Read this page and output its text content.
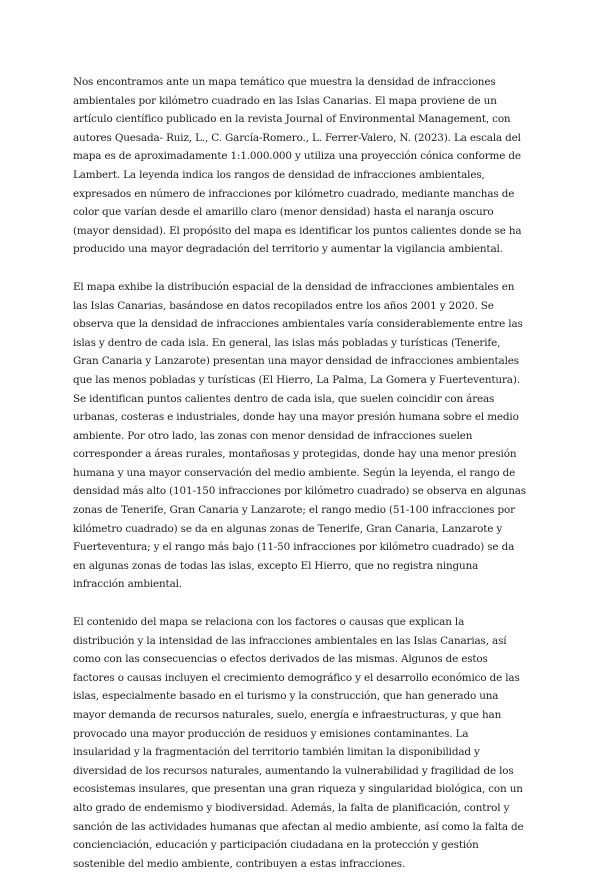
Nos encontramos ante un mapa temático que muestra la densidad de infracciones ambientales por kilómetro cuadrado en las Islas Canarias. El mapa proviene de un artículo científico publicado en la revista Journal of Environmental Management, con autores Quesada- Ruiz, L., C. García-Romero., L. Ferrer-Valero, N. (2023). La escala del mapa es de aproximadamente 1:1.000.000 y utiliza una proyección cónica conforme de Lambert. La leyenda indica los rangos de densidad de infracciones ambientales, expresados en número de infracciones por kilómetro cuadrado, mediante manchas de color que varían desde el amarillo claro (menor densidad) hasta el naranja oscuro (mayor densidad). El propósito del mapa es identificar los puntos calientes donde se ha producido una mayor degradación del territorio y aumentar la vigilancia ambiental.

El mapa exhibe la distribución espacial de la densidad de infracciones ambientales en las Islas Canarias, basándose en datos recopilados entre los años 2001 y 2020. Se observa que la densidad de infracciones ambientales varía considerablemente entre las islas y dentro de cada isla. En general, las islas más pobladas y turísticas (Tenerife, Gran Canaria y Lanzarote) presentan una mayor densidad de infracciones ambientales que las menos pobladas y turísticas (El Hierro, La Palma, La Gomera y Fuerteventura). Se identifican puntos calientes dentro de cada isla, que suelen coincidir con áreas urbanas, costeras e industriales, donde hay una mayor presión humana sobre el medio ambiente. Por otro lado, las zonas con menor densidad de infracciones suelen corresponder a áreas rurales, montañosas y protegidas, donde hay una menor presión humana y una mayor conservación del medio ambiente. Según la leyenda, el rango de densidad más alto (101-150 infracciones por kilómetro cuadrado) se observa en algunas zonas de Tenerife, Gran Canaria y Lanzarote; el rango medio (51-100 infracciones por kilómetro cuadrado) se da en algunas zonas de Tenerife, Gran Canaria, Lanzarote y Fuerteventura; y el rango más bajo (11-50 infracciones por kilómetro cuadrado) se da en algunas zonas de todas las islas, excepto El Hierro, que no registra ninguna infracción ambiental.

El contenido del mapa se relaciona con los factores o causas que explican la distribución y la intensidad de las infracciones ambientales en las Islas Canarias, así como con las consecuencias o efectos derivados de las mismas. Algunos de estos factores o causas incluyen el crecimiento demográfico y el desarrollo económico de las islas, especialmente basado en el turismo y la construcción, que han generado una mayor demanda de recursos naturales, suelo, energía e infraestructuras, y que han provocado una mayor producción de residuos y emisiones contaminantes. La insularidad y la fragmentación del territorio también limitan la disponibilidad y diversidad de los recursos naturales, aumentando la vulnerabilidad y fragilidad de los ecosistemas insulares, que presentan una gran riqueza y singularidad biológica, con un alto grado de endemismo y biodiversidad. Además, la falta de planificación, control y sanción de las actividades humanas que afectan al medio ambiente, así como la falta de concienciación, educación y participación ciudadana en la protección y gestión sostenible del medio ambiente, contribuyen a estas infracciones.
